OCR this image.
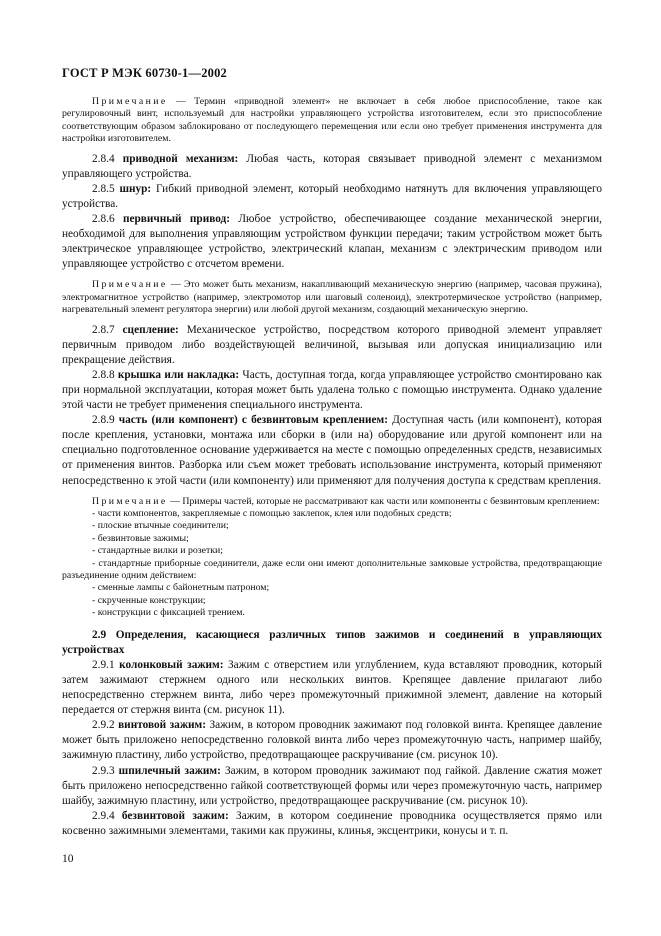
ГОСТ Р МЭК 60730-1—2002

Примечание — Термин «приводной элемент» не включает в себя любое приспособление, такое как регулировочный винт, используемый для настройки управляющего устройства изготовителем, если это приспособление соответствующим образом заблокировано от последующего перемещения или если оно требует применения инструмента для настройки изготовителем.

2.8.4 приводной механизм: Любая часть, которая связывает приводной элемент с механизмом управляющего устройства.

2.8.5 шнур: Гибкий приводной элемент, который необходимо натянуть для включения управляющего устройства.

2.8.6 первичный привод: Любое устройство, обеспечивающее создание механической энергии, необходимой для выполнения управляющим устройством функции передачи; таким устройством может быть электрическое управляющее устройство, электрический клапан, механизм с электрическим приводом или управляющее устройство с отсчетом времени.

Примечание — Это может быть механизм, накапливающий механическую энергию (например, часовая пружина), электромагнитное устройство (например, электромотор или шаговый соленоид), электротермическое устройство (например, нагревательный элемент регулятора энергии) или любой другой механизм, создающий механическую энергию.

2.8.7 сцепление: Механическое устройство, посредством которого приводной элемент управляет первичным приводом либо воздействующей величиной, вызывая или допуская инициализацию или прекращение действия.

2.8.8 крышка или накладка: Часть, доступная тогда, когда управляющее устройство смонтировано как при нормальной эксплуатации, которая может быть удалена только с помощью инструмента. Однако удаление этой части не требует применения специального инструмента.

2.8.9 часть (или компонент) с безвинтовым креплением: Доступная часть (или компонент), которая после крепления, установки, монтажа или сборки в (или на) оборудование или другой компонент или на специально подготовленное основание удерживается на месте с помощью определенных средств, независимых от применения винтов. Разборка или съем может требовать использование инструмента, который применяют непосредственно к этой части (или компоненту) или применяют для получения доступа к средствам крепления.

Примечание — Примеры частей, которые не рассматривают как части или компоненты с безвинтовым креплением:

- части компонентов, закрепляемые с помощью заклепок, клея или подобных средств;

- плоские втычные соединители;

- безвинтовые зажимы;

- стандартные вилки и розетки;

- стандартные приборные соединители, даже если они имеют дополнительные замковые устройства, предотвращающие разъединение одним действием:

- сменные лампы с байонетным патроном;

- скрученные конструкции;

- конструкции с фиксацией трением.

2.9 Определения, касающиеся различных типов зажимов и соединений в управляющих устройствах

2.9.1 колонковый зажим: Зажим с отверстием или углублением, куда вставляют проводник, который затем зажимают стержнем одного или нескольких винтов. Крепящее давление прилагают либо непосредственно стержнем винта, либо через промежуточный прижимной элемент, давление на который передается от стержня винта (см. рисунок 11).

2.9.2 винтовой зажим: Зажим, в котором проводник зажимают под головкой винта. Крепящее давление может быть приложено непосредственно головкой винта либо через промежуточную часть, например шайбу, зажимную пластину, либо устройство, предотвращающее раскручивание (см. рисунок 10).

2.9.3 шпилечный зажим: Зажим, в котором проводник зажимают под гайкой. Давление сжатия может быть приложено непосредственно гайкой соответствующей формы или через промежуточную часть, например шайбу, зажимную пластину, или устройство, предотвращающее раскручивание (см. рисунок 10).

2.9.4 безвинтовой зажим: Зажим, в котором соединение проводника осуществляется прямо или косвенно зажимными элементами, такими как пружины, клинья, эксцентрики, конусы и т. п.

10
